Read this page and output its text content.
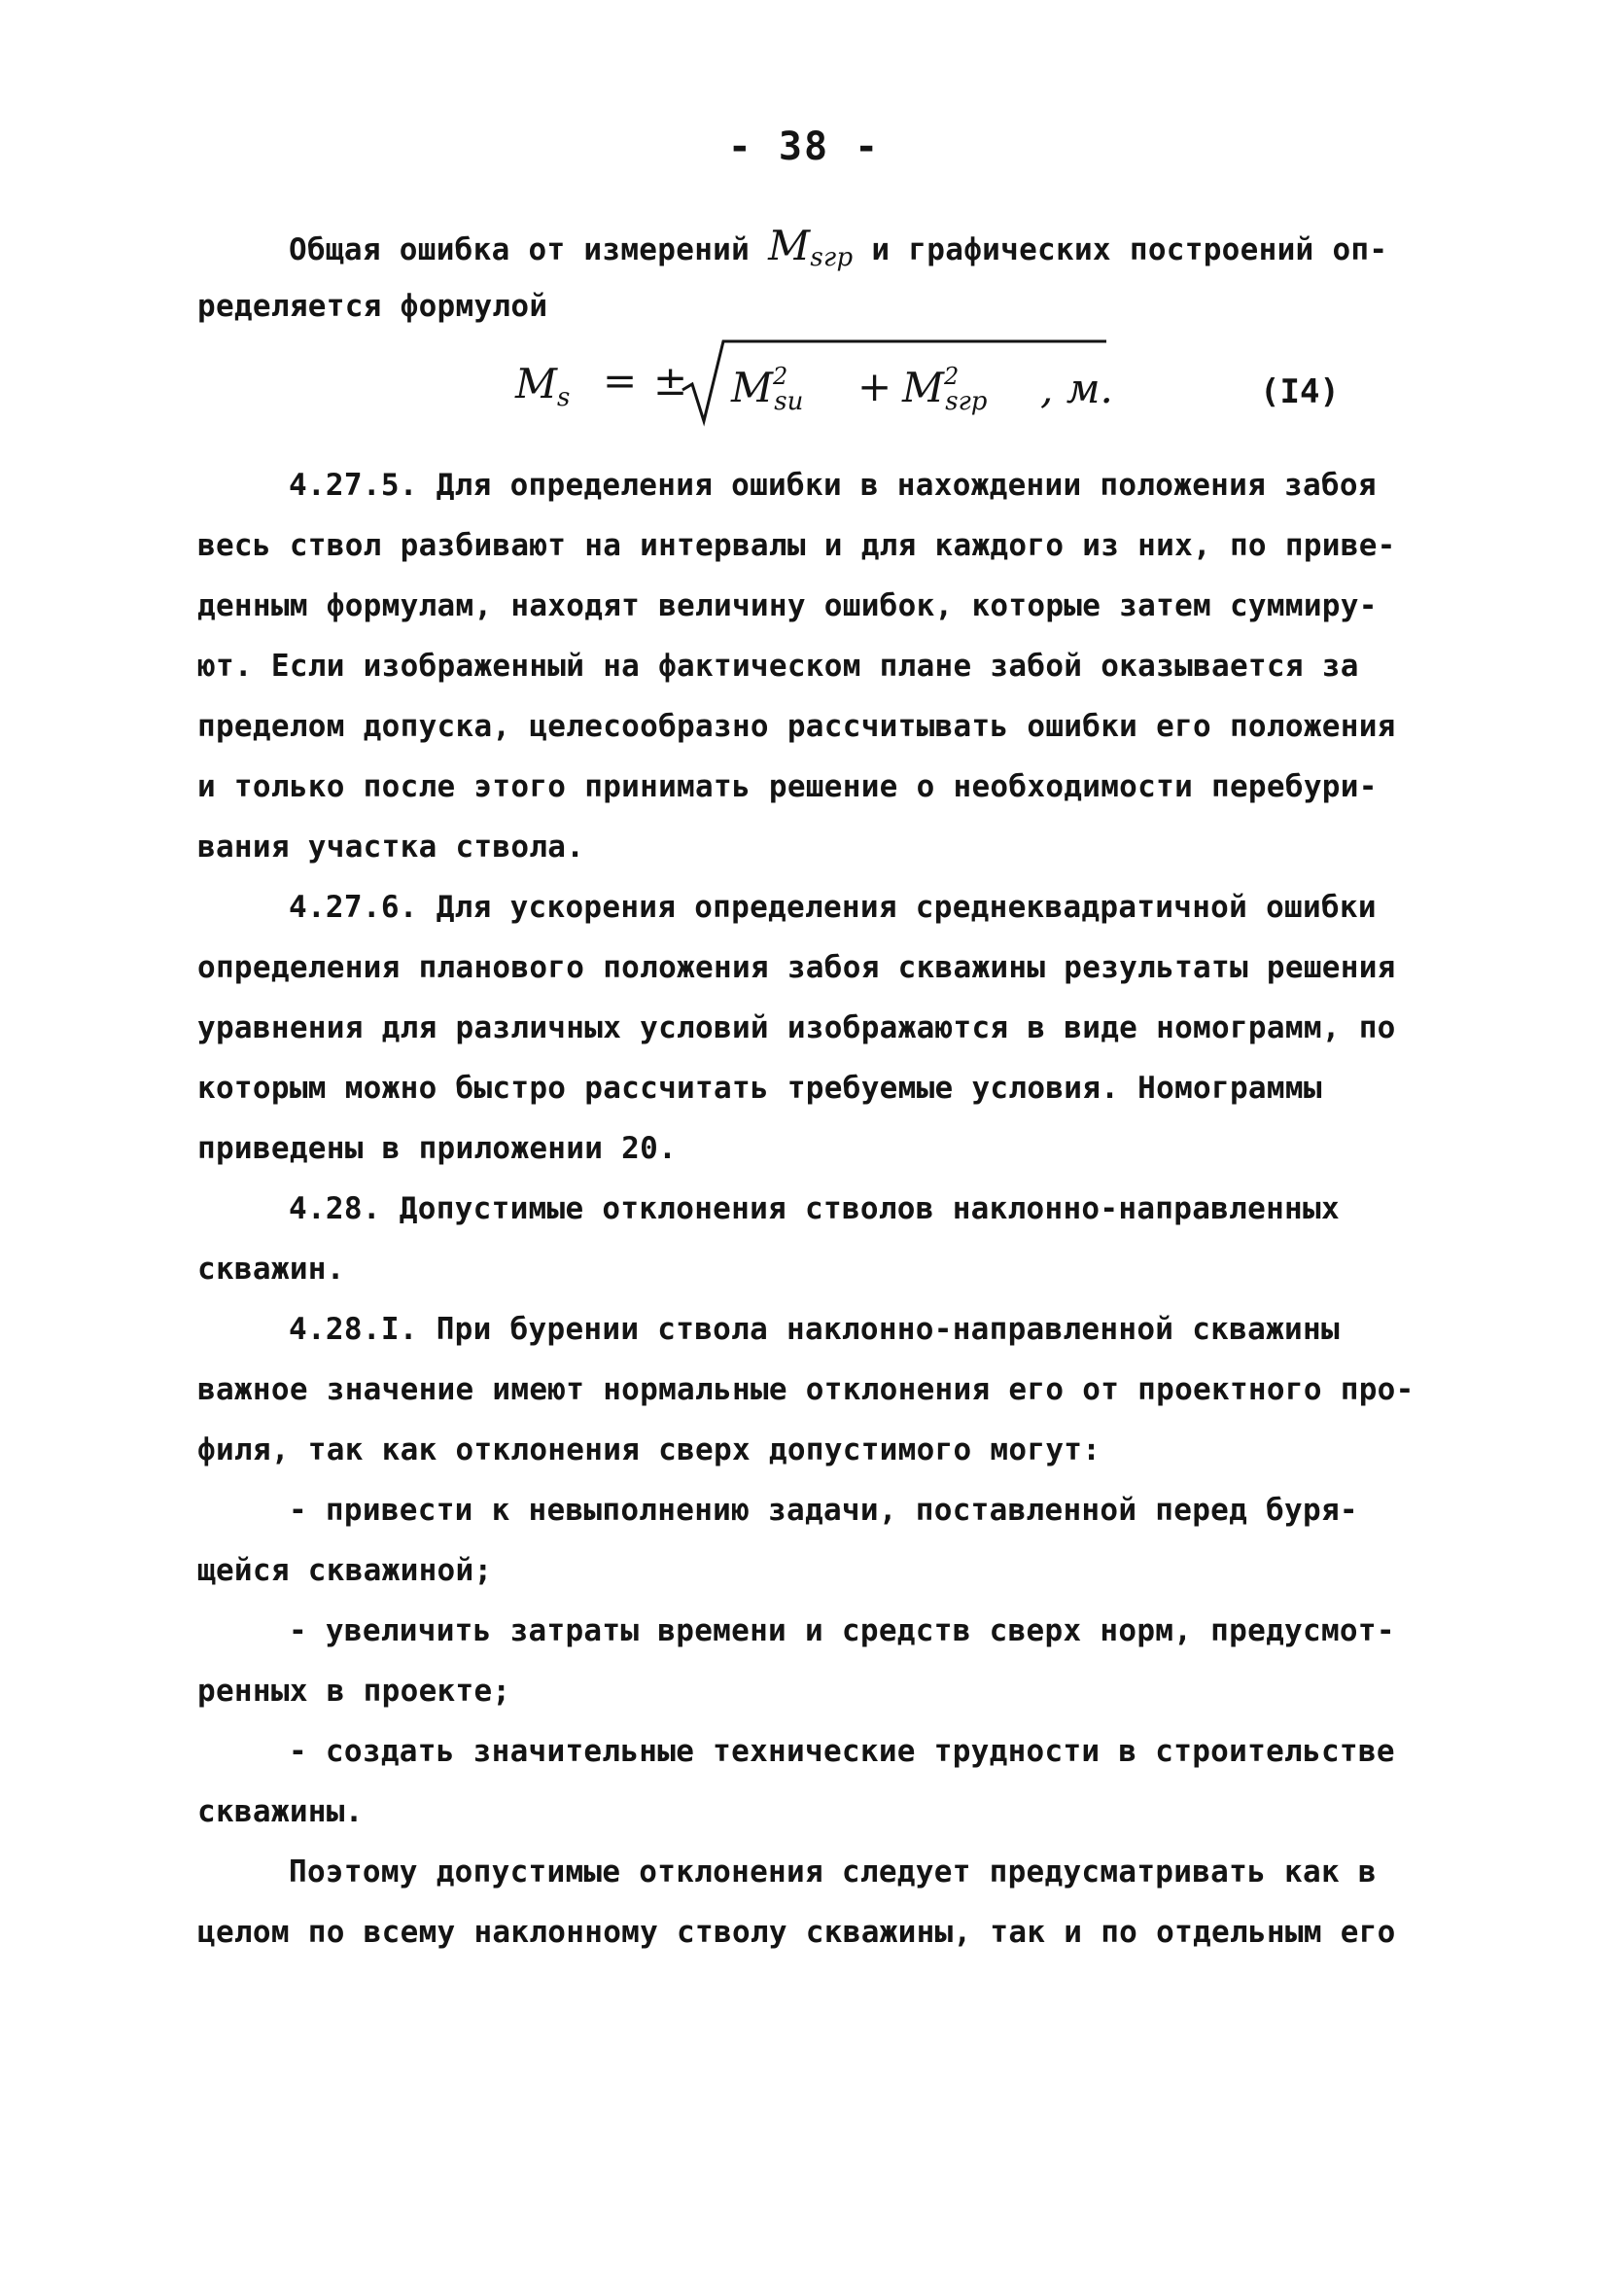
- 38 -
Общая ошибка от измерений $M_{sгр}$ и графических построений оп-
ределяется формулой
$M_s$ = ± $M^2_{sи} + M^2_{sгр}$ , м.	(I4)
4.27.5. Для определения ошибки в нахождении положения забоя
весь ствол разбивают на интервалы и для каждого из них, по приве-
денным формулам, находят величину ошибок, которые затем суммиру-
ют. Если изображенный на фактическом плане забой оказывается за
пределом допуска, целесообразно рассчитывать ошибки его положения
и только после этого принимать решение о необходимости перебури-
вания участка ствола.
4.27.6. Для ускорения определения среднеквадратичной ошибки
определения планового положения забоя скважины результаты решения
уравнения для различных условий изображаются в виде номограмм, по
которым можно быстро рассчитать требуемые условия. Номограммы
приведены в приложении 20.
4.28. Допустимые отклонения стволов наклонно-направленных
скважин.
4.28.I. При бурении ствола наклонно-направленной скважины
важное значение имеют нормальные отклонения его от проектного про-
филя, так как отклонения сверх допустимого могут:
- привести к невыполнению задачи, поставленной перед буря-
щейся скважиной;
- увеличить затраты времени и средств сверх норм, предусмот-
ренных в проекте;
- создать значительные технические трудности в строительстве
скважины.
Поэтому допустимые отклонения следует предусматривать как в
целом по всему наклонному стволу скважины, так и по отдельным его
